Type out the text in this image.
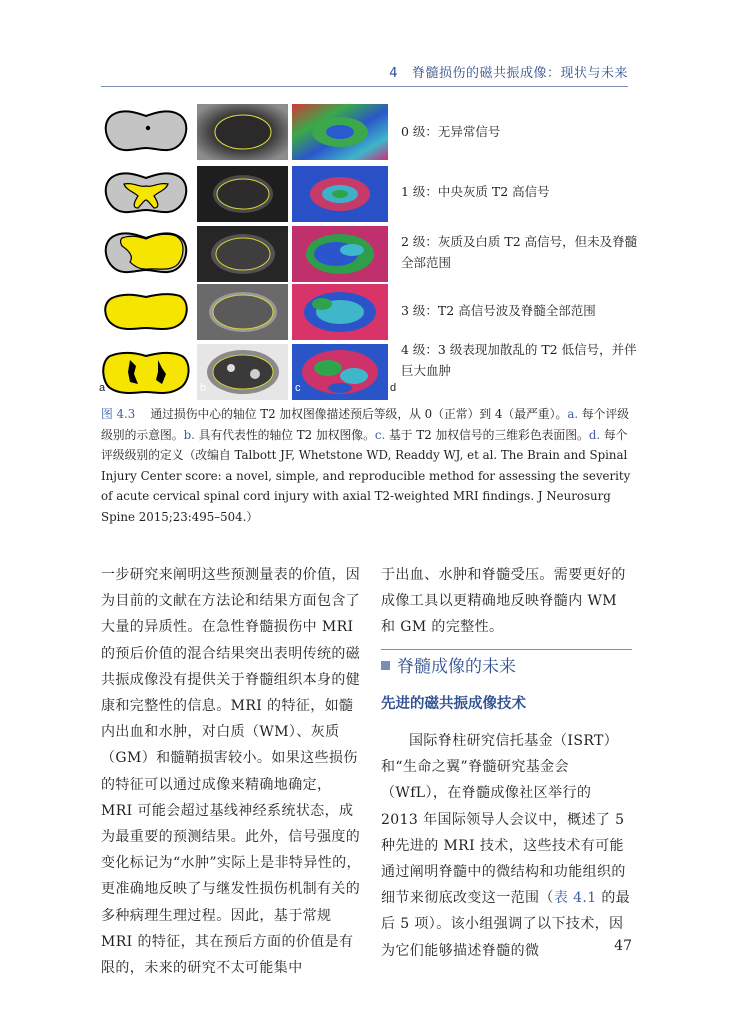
4 脊髓损伤的磁共振成像：现状与未来
0 级：无异常信号
1 级：中央灰质 T2 高信号
2 级：灰质及白质 T2 高信号，但未及脊髓全部范围
3 级：T2 高信号波及脊髓全部范围
4 级：3 级表现加散乱的 T2 低信号，并伴巨大血肿
a	b	c	d
图 4.3 通过损伤中心的轴位 T2 加权图像描述预后等级，从 0（正常）到 4（最严重）。a. 每个评级级别的示意图。b. 具有代表性的轴位 T2 加权图像。c. 基于 T2 加权信号的三维彩色表面图。d. 每个评级级别的定义（改编自 Talbott JF, Whetstone WD, Readdy WJ, et al. The Brain and Spinal Injury Center score: a novel, simple, and reproducible method for assessing the severity of acute cervical spinal cord injury with axial T2-weighted MRI findings. J Neurosurg Spine 2015;23:495–504.）

一步研究来阐明这些预测量表的价值，因为目前的文献在方法论和结果方面包含了大量的异质性。在急性脊髓损伤中 MRI 的预后价值的混合结果突出表明传统的磁共振成像没有提供关于脊髓组织本身的健康和完整性的信息。MRI 的特征，如髓内出血和水肿，对白质（WM）、灰质（GM）和髓鞘损害较小。如果这些损伤的特征可以通过成像来精确地确定，MRI 可能会超过基线神经系统状态，成为最重要的预测结果。此外，信号强度的变化标记为“水肿”实际上是非特异性的，更准确地反映了与继发性损伤机制有关的多种病理生理过程。因此，基于常规 MRI 的特征，其在预后方面的价值是有限的，未来的研究不太可能集中

于出血、水肿和脊髓受压。需要更好的成像工具以更精确地反映脊髓内 WM 和 GM 的完整性。

脊髓成像的未来
先进的磁共振成像技术

国际脊柱研究信托基金（ISRT）和“生命之翼”脊髓研究基金会（WfL），在脊髓成像社区举行的 2013 年国际领导人会议中，概述了 5 种先进的 MRI 技术，这些技术有可能通过阐明脊髓中的微结构和功能组织的细节来彻底改变这一范围（表 4.1 的最后 5 项）。该小组强调了以下技术，因为它们能够描述脊髓的微	47
